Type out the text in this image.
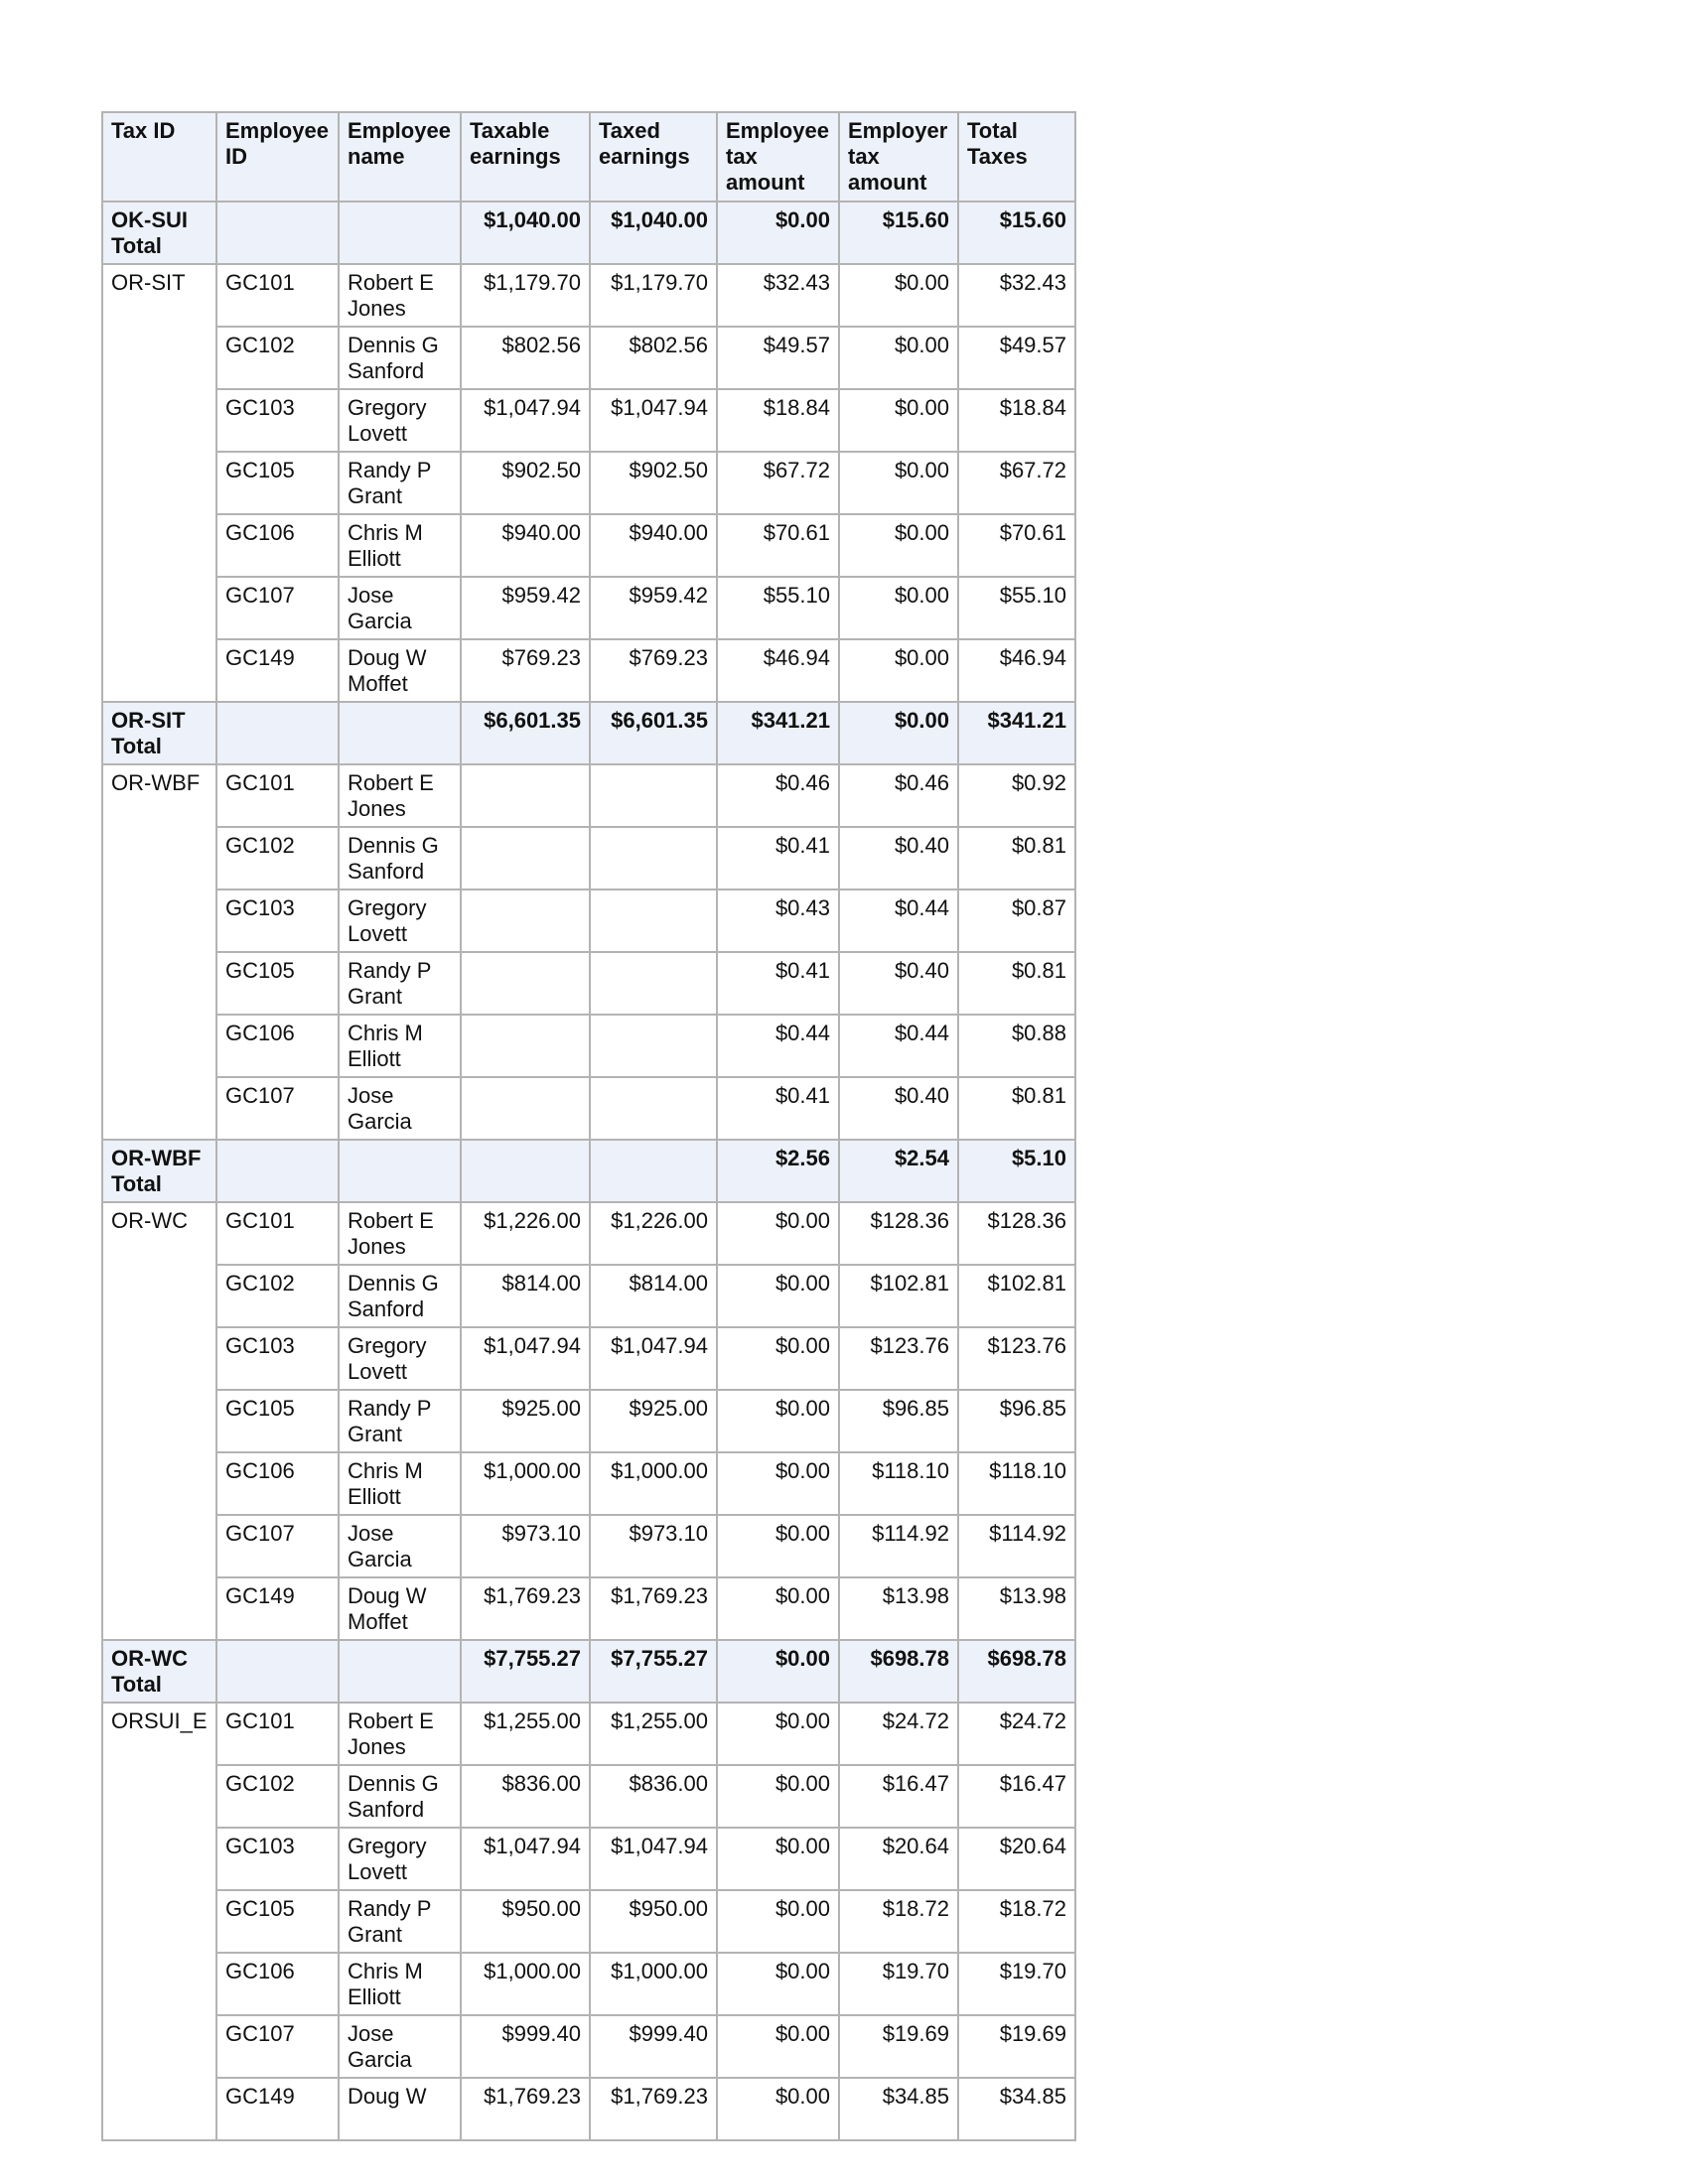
Tax ID	Employee ID	Employee name	Taxable earnings	Taxed earnings	Employee tax amount	Employer tax amount	Total Taxes
OK-SUI Total			$1,040.00	$1,040.00	$0.00	$15.60	$15.60
OR-SIT	GC101	Robert E Jones	$1,179.70	$1,179.70	$32.43	$0.00	$32.43
	GC102	Dennis G Sanford	$802.56	$802.56	$49.57	$0.00	$49.57
	GC103	Gregory Lovett	$1,047.94	$1,047.94	$18.84	$0.00	$18.84
	GC105	Randy P Grant	$902.50	$902.50	$67.72	$0.00	$67.72
	GC106	Chris M Elliott	$940.00	$940.00	$70.61	$0.00	$70.61
	GC107	Jose Garcia	$959.42	$959.42	$55.10	$0.00	$55.10
	GC149	Doug W Moffet	$769.23	$769.23	$46.94	$0.00	$46.94
OR-SIT Total			$6,601.35	$6,601.35	$341.21	$0.00	$341.21
OR-WBF	GC101	Robert E Jones			$0.46	$0.46	$0.92
	GC102	Dennis G Sanford			$0.41	$0.40	$0.81
	GC103	Gregory Lovett			$0.43	$0.44	$0.87
	GC105	Randy P Grant			$0.41	$0.40	$0.81
	GC106	Chris M Elliott			$0.44	$0.44	$0.88
	GC107	Jose Garcia			$0.41	$0.40	$0.81
OR-WBF Total					$2.56	$2.54	$5.10
OR-WC	GC101	Robert E Jones	$1,226.00	$1,226.00	$0.00	$128.36	$128.36
	GC102	Dennis G Sanford	$814.00	$814.00	$0.00	$102.81	$102.81
	GC103	Gregory Lovett	$1,047.94	$1,047.94	$0.00	$123.76	$123.76
	GC105	Randy P Grant	$925.00	$925.00	$0.00	$96.85	$96.85
	GC106	Chris M Elliott	$1,000.00	$1,000.00	$0.00	$118.10	$118.10
	GC107	Jose Garcia	$973.10	$973.10	$0.00	$114.92	$114.92
	GC149	Doug W Moffet	$1,769.23	$1,769.23	$0.00	$13.98	$13.98
OR-WC Total			$7,755.27	$7,755.27	$0.00	$698.78	$698.78
ORSUI_E	GC101	Robert E Jones	$1,255.00	$1,255.00	$0.00	$24.72	$24.72
	GC102	Dennis G Sanford	$836.00	$836.00	$0.00	$16.47	$16.47
	GC103	Gregory Lovett	$1,047.94	$1,047.94	$0.00	$20.64	$20.64
	GC105	Randy P Grant	$950.00	$950.00	$0.00	$18.72	$18.72
	GC106	Chris M Elliott	$1,000.00	$1,000.00	$0.00	$19.70	$19.70
	GC107	Jose Garcia	$999.40	$999.40	$0.00	$19.69	$19.69
	GC149	Doug W	$1,769.23	$1,769.23	$0.00	$34.85	$34.85
